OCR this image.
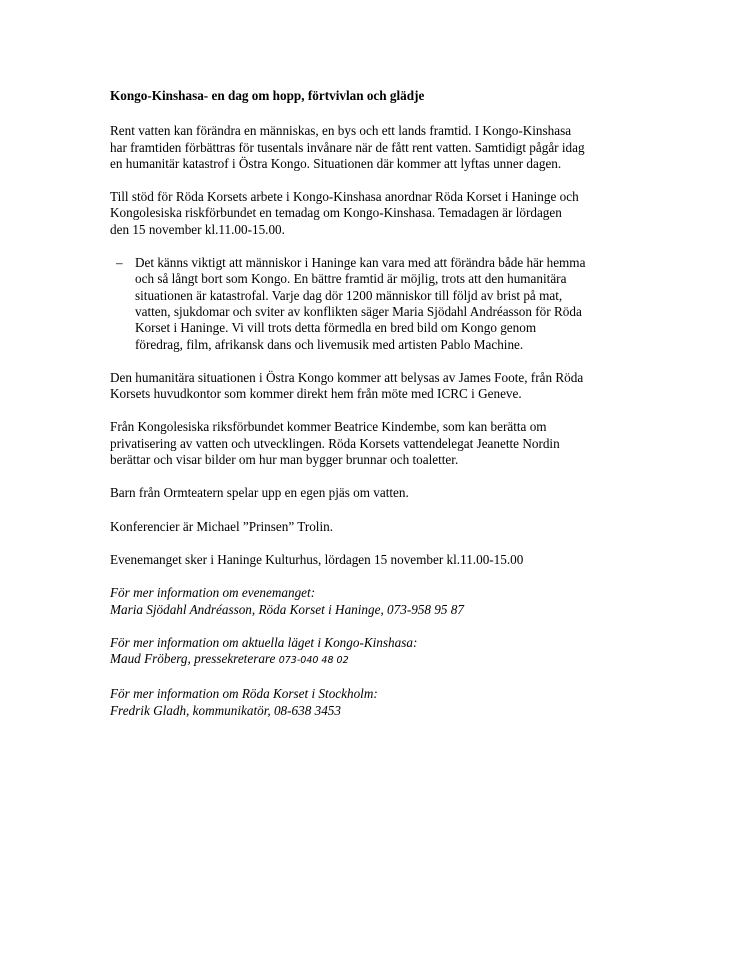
Kongo-Kinshasa- en dag om hopp, förtvivlan och glädje

Rent vatten kan förändra en människas, en bys och ett lands framtid. I Kongo-Kinshasa
har framtiden förbättras för tusentals invånare när de fått rent vatten. Samtidigt pågår idag
en humanitär katastrof i Östra Kongo. Situationen där kommer att lyftas unner dagen.

Till stöd för Röda Korsets arbete i Kongo-Kinshasa anordnar Röda Korset i Haninge och
Kongolesiska riskförbundet en temadag om Kongo-Kinshasa. Temadagen är lördagen
den 15 november kl.11.00-15.00.

– Det känns viktigt att människor i Haninge kan vara med att förändra både här hemma
och så långt bort som Kongo. En bättre framtid är möjlig, trots att den humanitära
situationen är katastrofal. Varje dag dör 1200 människor till följd av brist på mat,
vatten, sjukdomar och sviter av konflikten säger Maria Sjödahl Andréasson för Röda
Korset i Haninge. Vi vill trots detta förmedla en bred bild om Kongo genom
föredrag, film, afrikansk dans och livemusik med artisten Pablo Machine.

Den humanitära situationen i Östra Kongo kommer att belysas av James Foote, från Röda
Korsets huvudkontor som kommer direkt hem från möte med ICRC i Geneve.

Från Kongolesiska riksförbundet kommer Beatrice Kindembe, som kan berätta om
privatisering av vatten och utvecklingen. Röda Korsets vattendelegat Jeanette Nordin
berättar och visar bilder om hur man bygger brunnar och toaletter.

Barn från Ormteatern spelar upp en egen pjäs om vatten.

Konferencier är Michael ”Prinsen” Trolin.

Evenemanget sker i Haninge Kulturhus, lördagen 15 november kl.11.00-15.00

För mer information om evenemanget:
Maria Sjödahl Andréasson, Röda Korset i Haninge, 073-958 95 87
För mer information om aktuella läget i Kongo-Kinshasa:
Maud Fröberg, pressekreterare 073-040 48 02
För mer information om Röda Korset i Stockholm:
Fredrik Gladh, kommunikatör, 08-638 3453
